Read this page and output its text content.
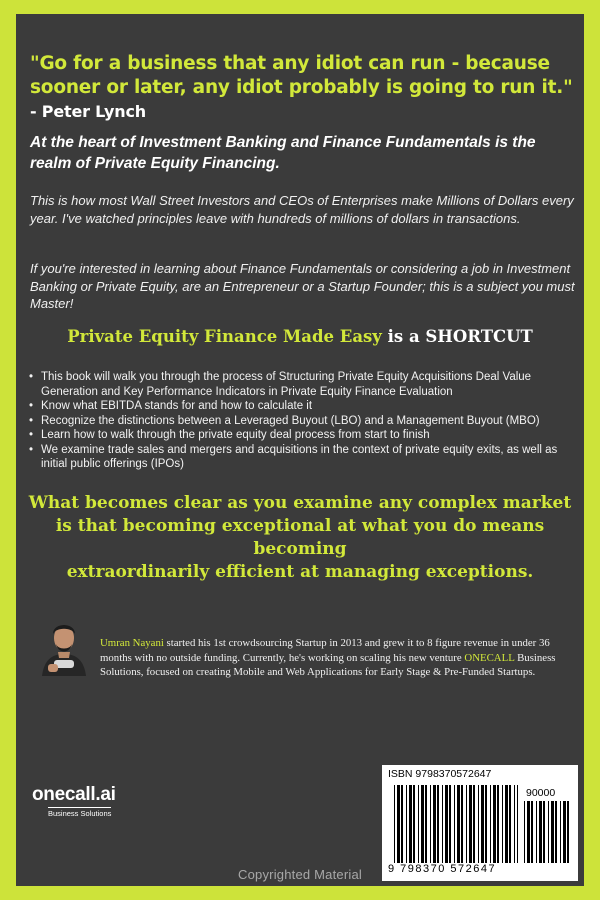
"Go for a business that any idiot can run - because sooner or later, any idiot probably is going to run it." - Peter Lynch
At the heart of Investment Banking and Finance Fundamentals is the realm of Private Equity Financing.
This is how most Wall Street Investors and CEOs of Enterprises make Millions of Dollars every year. I've watched principles leave with hundreds of millions of dollars in transactions.
If you're interested in learning about Finance Fundamentals or considering a job in Investment Banking or Private Equity, are an Entrepreneur or a Startup Founder; this is a subject you must Master!
Private Equity Finance Made Easy is a SHORTCUT
• This book will walk you through the process of Structuring Private Equity Acquisitions Deal Value Generation and Key Performance Indicators in Private Equity Finance Evaluation
• Know what EBITDA stands for and how to calculate it
• Recognize the distinctions between a Leveraged Buyout (LBO) and a Management Buyout (MBO)
• Learn how to walk through the private equity deal process from start to finish
• We examine trade sales and mergers and acquisitions in the context of private equity exits, as well as initial public offerings (IPOs)
What becomes clear as you examine any complex market
is that becoming exceptional at what you do means becoming
extraordinarily efficient at managing exceptions.
Umran Nayani started his 1st crowdsourcing Startup in 2013 and grew it to 8 figure revenue in under 36 months with no outside funding. Currently, he's working on scaling his new venture ONECALL Business Solutions, focused on creating Mobile and Web Applications for Early Stage & Pre-Funded Startups.
onecall.ai
Business Solutions
ISBN 9798370572647
90000
9 798370 572647
Copyrighted Material
